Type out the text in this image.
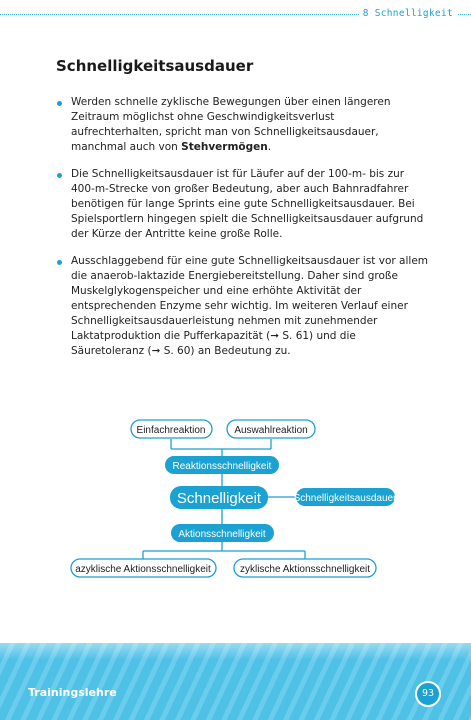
8 Schnelligkeit
Schnelligkeitsausdauer
Werden schnelle zyklische Bewegungen über einen längeren Zeitraum möglichst ohne Geschwindigkeitsverlust aufrechterhalten, spricht man von Schnelligkeitsausdauer, manchmal auch von Stehvermögen.
Die Schnelligkeitsausdauer ist für Läufer auf der 100-m- bis zur 400-m-Strecke von großer Bedeutung, aber auch Bahnradfahrer benötigen für lange Sprints eine gute Schnelligkeitsausdauer. Bei Spielsportlern hingegen spielt die Schnelligkeitsausdauer aufgrund der Kürze der Antritte keine große Rolle.
Ausschlaggebend für eine gute Schnelligkeitsausdauer ist vor allem die anaerob-laktazide Energiebereitstellung. Daher sind große Muskelglykogenspeicher und eine erhöhte Aktivität der entsprechenden Enzyme sehr wichtig. Im weiteren Verlauf einer Schnelligkeitsausdauerleistung nehmen mit zunehmender Laktatproduktion die Pufferkapazität (➞ S. 61) und die Säuretoleranz (➞ S. 60) an Bedeutung zu.
Einfachreaktion	Auswahlreaktion
Reaktionsschnelligkeit
Schnelligkeit	Schnelligkeitsausdauer
Aktionsschnelligkeit
azyklische Aktionsschnelligkeit	zyklische Aktionsschnelligkeit
Trainingslehre	93
